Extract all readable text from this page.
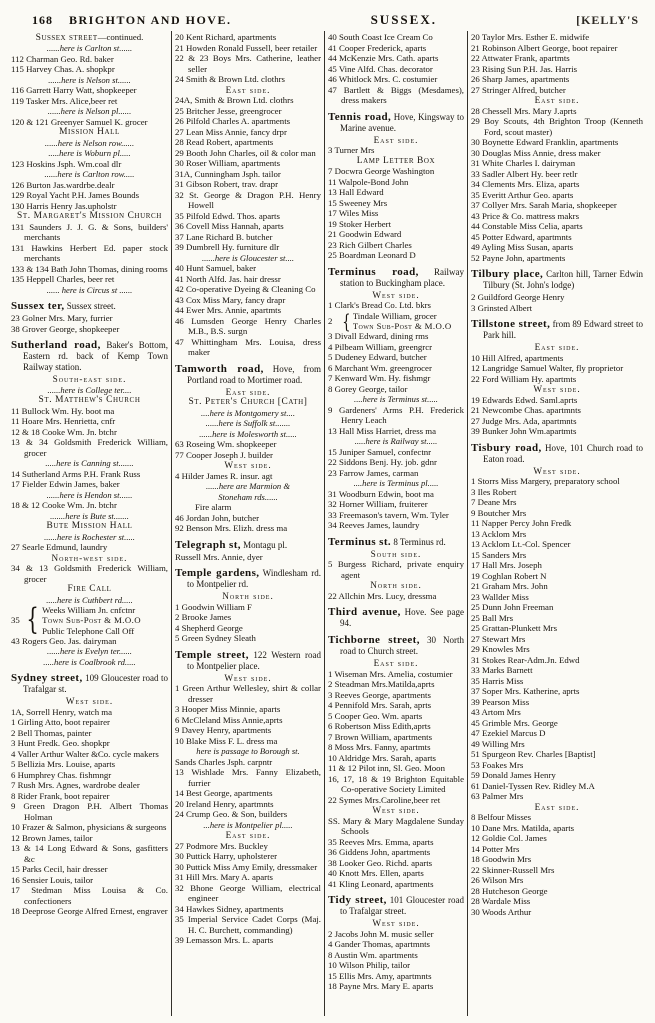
168 BRIGHTON AND HOVE.	SUSSEX.	[KELLY'S
Sussex street—continued.
......here is Carlton st......
112 Charman Geo. Rd. baker
115 Harvey Chas. A. shopkpr
......here is Nelson st......
116 Garrett Harry Watt, shopkeeper
119 Tasker Mrs. Alice,beer ret
......here is Nelson pl......
120 & 121 Greenyer Samuel K. grocer
Mission Hall
......here is Nelson row......
.....here is Woburn pl.....
123 Hoskins Jsph. Wm.coal dlr
......here is Carlton row.....
126 Burton Jas.wardrbe.dealr
129 Royal Yacht P.H. James Bounds
130 Harris Henry Jas.upholstr
St. Margaret's Mission Church
131 Saunders J. J. G. & Sons, builders' merchants
131 Hawkins Herbert Ed. paper stock merchants
133 & 134 Bath John Thomas, dining rooms
135 Heppell Charles, beer ret
...... here is Circus st ......
Sussex ter, Sussex street.
23 Golner Mrs. Mary, furrier
38 Grover George, shopkeeper
Sutherland road, Baker's Bottom, Eastern rd. back of Kemp Town Railway station.
South-east side.
......here is College ter....
St. Matthew's Church
11 Bullock Wm. Hy. boot ma
11 Hoare Mrs. Henrietta, cnfr
12 & 18 Cooke Wm. Jn. btchr
13 & 34 Goldsmith Frederick William, grocer
.....here is Canning st.......
14 Sutherland Arms P.H. Frank Russ
17 Fielder Edwin James, baker
......here is Hendon st......
18 & 12 Cooke Wm. Jn. btchr
.......here is Bute st.......
Bute Mission Hall
......here is Rochester st.....
27 Searle Edmund, laundry
North-west side.
34 & 13 Goldsmith Frederick William, grocer
Fire Call
.....here is Cuthbert rd.....
35 { Weeks William Jn. cnfctnr
Town Sub-Post & M.O.O
Public Telephone Call Off
43 Rogers Geo. Jas. dairyman
......here is Evelyn ter......
.....here is Coalbrook rd.....
Sydney street, 109 Gloucester road to Trafalgar st.
West side.
1A, Sorrell Henry, watch ma
1 Girling Atto, boot repairer
2 Bell Thomas, painter
3 Hunt Fredk. Geo. shopkpr
4 Valler Arthur Walter &Co. cycle makers
5 Bellizia Mrs. Louise, aparts
6 Humphrey Chas. fishmngr
7 Rush Mrs. Agnes, wardrobe dealer
8 Rider Frank, boot repairer
9 Green Dragon P.H. Albert Thomas Holman
10 Frazer & Salmon, physicians & surgeons
12 Brown James, tailor
13 & 14 Long Edward & Sons, gasfitters &c
15 Parks Cecil, hair dresser
16 Sensier Louis, tailor
17 Stedman Miss Louisa & Co. confectioners
18 Deeprose George Alfred Ernest, engraver
20 Kent Richard, apartments
21 Howden Ronald Fussell, beer retailer
22 & 23 Boys Mrs. Catherine, leather seller
24 Smith & Brown Ltd. clothrs
East side.
24A, Smith & Brown Ltd. clothrs
25 Britcher Jesse, greengrocer
26 Pilfold Charles A. apartments
27 Lean Miss Annie, fancy drpr
28 Read Robert, apartments
29 Booth John Charles, oil & color man
30 Roser William, apartments
31A, Cunningham Jsph. tailor
31 Gibson Robert, trav. drapr
32 St. George & Dragon P.H. Henry Howell
35 Pilfold Edwd. Thos. aparts
36 Covell Miss Hannah, aparts
37 Lane Richard B. butcher
39 Dumbrell Hy. furniture dlr
......here is Gloucester st....
40 Hunt Samuel, baker
41 North Alfd. Jas. hair dressr
42 Co-operative Dyeing & Cleaning Co
43 Cox Miss Mary, fancy drapr
44 Ewer Mrs. Annie, apartmts
46 Lumsden George Henry Charles M.B., B.S. surgn
47 Whittingham Mrs. Louisa, dress maker
Tamworth road, Hove, from Portland road to Mortimer road.
East side.
St. Peter's Church [Cath]
....here is Montgomery st....
......here is Suffolk st.......
......here is Molesworth st.....
63 Roseing Wm. shopkeeper
77 Cooper Joseph J. builder
West side.
4 Hilder James R. insur. agt
......here are Marmion &
Stoneham rds......
Fire alarm
46 Jordan John, butcher
92 Benson Mrs. Elizh. dress ma
Telegraph st, Montagu pl.
Russell Mrs. Annie, dyer
Temple gardens, Windlesham rd. to Montpelier rd.
North side.
1 Goodwin William F
2 Brooke James
4 Shepherd George
5 Green Sydney Sleath
Temple street, 122 Western road to Montpelier place.
West side.
1 Green Arthur Wellesley, shirt & collar dresser
3 Hooper Miss Minnie, aparts
6 McCleland Miss Annie,aprts
9 Davey Henry, apartments
10 Blake Miss F. L. dress ma
here is passage to Borough st.
Sands Charles Jsph. carpntr
13 Wishlade Mrs. Fanny Elizabeth, furrier
14 Best George, apartments
20 Ireland Henry, apartmnts
24 Crump Geo. & Son, builders
...here is Montpelier pl.....
East side.
27 Podmore Mrs. Buckley
30 Puttick Harry, upholsterer
30 Puttick Miss Amy Emily, dressmaker
31 Hill Mrs. Mary A. aparts
32 Bhone George William, electrical engineer
34 Hawkes Sidney, apartments
35 Imperial Service Cadet Corps (Maj. H. C. Burchett, commanding)
39 Lemasson Mrs. L. aparts
40 South Coast Ice Cream Co
41 Cooper Frederick, aparts
44 McKenzie Mrs. Cath. aparts
45 Vine Alfd. Chas. decorator
46 Whitlock Mrs. C. costumier
47 Bartlett & Biggs (Mesdames), dress makers
Tennis road, Hove, Kingsway to Marine avenue.
East side.
3 Turner Mrs
Lamp Letter Box
7 Docwra George Washington
11 Walpole-Bond John
13 Hall Edward
15 Sweeney Mrs
17 Wiles Miss
19 Stoker Herbert
21 Goodwin Edward
23 Rich Gilbert Charles
25 Boardman Leonard D
Terminus road, Railway station to Buckingham place.
West side.
1 Clark's Bread Co. Ltd. bkrs
2 { Tindale William, grocer
Town Sub-Post & M.O.O
3 Divall Edward, dining rms
4 Pilbeam William, greengrcr
5 Dudeney Edward, butcher
6 Marchant Wm. greengrocer
7 Kenward Wm. Hy. fishmgr
8 Gorey George, tailor
....here is Terminus st.....
9 Gardeners' Arms P.H. Frederick Henry Leach
13 Hall Miss Harriet, dress ma
.....here is Railway st.....
15 Juniper Samuel, confectnr
22 Siddons Benj. Hy. job. gdnr
23 Farrow James, carman
....here is Terminus pl.....
31 Woodburn Edwin, boot ma
32 Horner William, fruiterer
33 Freemason's tavern, Wm. Tyler
34 Reeves James, laundry
Terminus st. 8 Terminus rd.
South side.
5 Burgess Richard, private enquiry agent
North side.
22 Allchin Mrs. Lucy, dressma
Third avenue, Hove. See page 94.
Tichborne street, 30 North road to Church street.
East side.
1 Wiseman Mrs. Amelia, costumier
2 Steadman Mrs.Matilda,aprts
3 Reeves George, apartments
4 Pennifold Mrs. Sarah, aprts
5 Cooper Geo. Wm. aparts
6 Robertson Miss Edith,aprts
7 Brown William, apartments
8 Moss Mrs. Fanny, apartmts
10 Aldridge Mrs. Sarah, aparts
11 & 12 Pilot inn, Sl. Geo. Moon
16, 17, 18 & 19 Brighton Equitable Co-operative Society Limited
22 Symes Mrs.Caroline,beer ret
West side.
SS. Mary & Mary Magdalene Sunday Schools
35 Reeves Mrs. Emma, aparts
36 Giddens John, apartments
38 Looker Geo. Richd. aparts
40 Knott Mrs. Ellen, aparts
41 Kling Leonard, apartments
Tidy street, 101 Gloucester road to Trafalgar street.
West side.
2 Jacobs John M. music seller
4 Gander Thomas, apartmnts
8 Austin Wm. apartments
10 Wilson Philip, tailor
15 Ellis Mrs. Amy, apartmnts
18 Payne Mrs. Mary E. aparts
20 Taylor Mrs. Esther E. midwife
21 Robinson Albert George, boot repairer
22 Attwater Frank, apartmts
23 Rising Sun P.H. Jas. Harris
26 Sharp James, apartments
27 Stringer Alfred, butcher
East side.
28 Chessell Mrs. Mary J.aprts
29 Boy Scouts, 4th Brighton Troop (Kenneth Ford, scout master)
30 Boynette Edward Franklin, apartments
30 Douglas Miss Annie, dress maker
31 White Charles I. dairyman
33 Sadler Albert Hy. beer retlr
34 Clements Mrs. Eliza, aparts
35 Everitt Arthur Geo. aparts
37 Collyer Mrs. Sarah Maria, shopkeeper
43 Price & Co. mattress makrs
44 Constable Miss Celia, aparts
45 Potter Edward, apartmnts
49 Ayling Miss Susan, aparts
52 Payne John, apartments
Tilbury place, Carlton hill, Tarner Edwin Tilbury (St. John's lodge)
2 Guildford George Henry
3 Grinsted Albert
Tillstone street, from 89 Edward street to Park hill.
East side.
10 Hill Alfred, apartments
12 Langridge Samuel Walter, fly proprietor
22 Ford William Hy. apartmts
West side.
19 Edwards Edwd. Saml.aprts
21 Newcombe Chas. apartmnts
27 Judge Mrs. Ada, apartmnts
39 Bunker John Wm.apartmts
Tisbury road, Hove, 101 Church road to Eaton road.
West side.
1 Storrs Miss Margery, preparatory school
3 Iles Robert
7 Deane Mrs
9 Boutcher Mrs
11 Napper Percy John Fredk
13 Acklom Mrs
13 Acklom Lt.-Col. Spencer
15 Sanders Mrs
17 Hall Mrs. Joseph
19 Coghlan Robert N
21 Graham Mrs. John
23 Wallder Miss
25 Dunn John Freeman
25 Ball Mrs
25 Grattan-Plunkett Mrs
27 Stewart Mrs
29 Knowles Mrs
31 Stokes Rear-Adm.Jn. Edwd
33 Marks Barnett
35 Harris Miss
37 Soper Mrs. Katherine, aprts
39 Pearson Miss
43 Artom Mrs
45 Grimble Mrs. George
47 Ezekiel Marcus D
49 Willing Mrs
51 Spurgeon Rev. Charles [Baptist]
53 Foakes Mrs
59 Donald James Henry
61 Daniel-Tyssen Rev. Ridley M.A
63 Palmer Mrs
East side.
8 Belfour Misses
10 Dane Mrs. Matilda, aparts
12 Goldie Col. James
14 Potter Mrs
18 Goodwin Mrs
22 Skinner-Russell Mrs
26 Wilson Mrs
28 Hutcheson George
28 Wardale Miss
30 Woods Arthur
